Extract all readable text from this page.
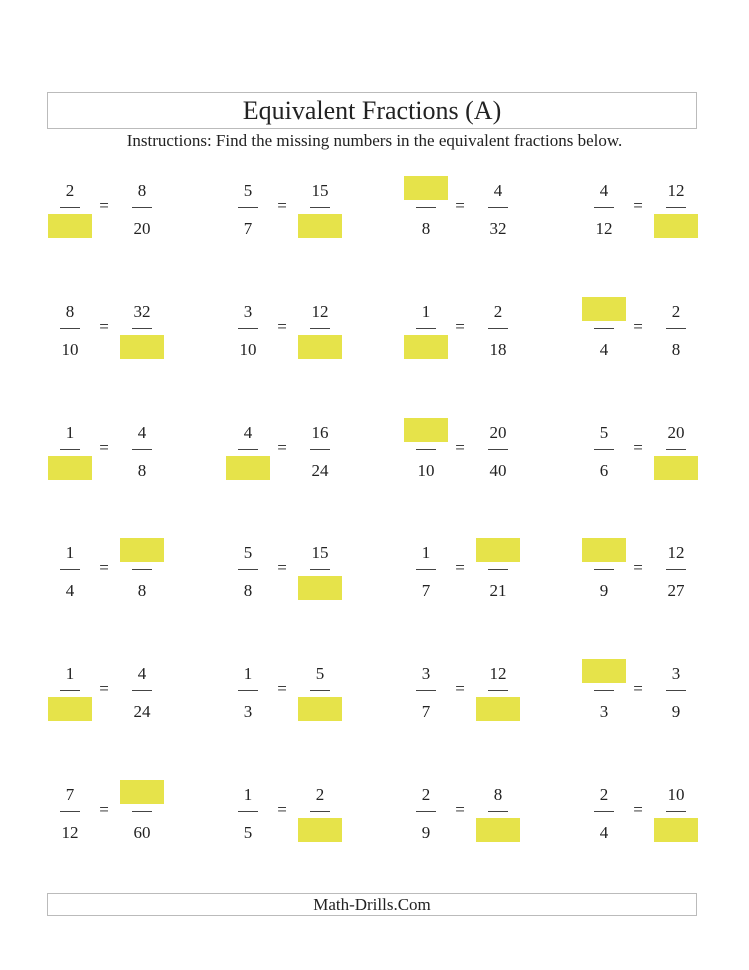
Equivalent Fractions (A)
Instructions: Find the missing numbers in the equivalent fractions below.
2
=
8
20
5
7
=
15
8
=
4
32
4
12
=
12
8
10
=
32	3
10
=
12	1
=
2
18	4
=
2
8
1
=
4
8
4
=
16
24	10
=
20
40
5
6
=
20
1
4
=
8
5
8
=
15	1
7
=
21	9
=
12
27
1
=
4
24
1
3
=
5	3
7
=
12
3
=
3
9
7
12
=
60
1
5
=
2	2
9
=
8	2
4
=
10
Math-Drills.Com
